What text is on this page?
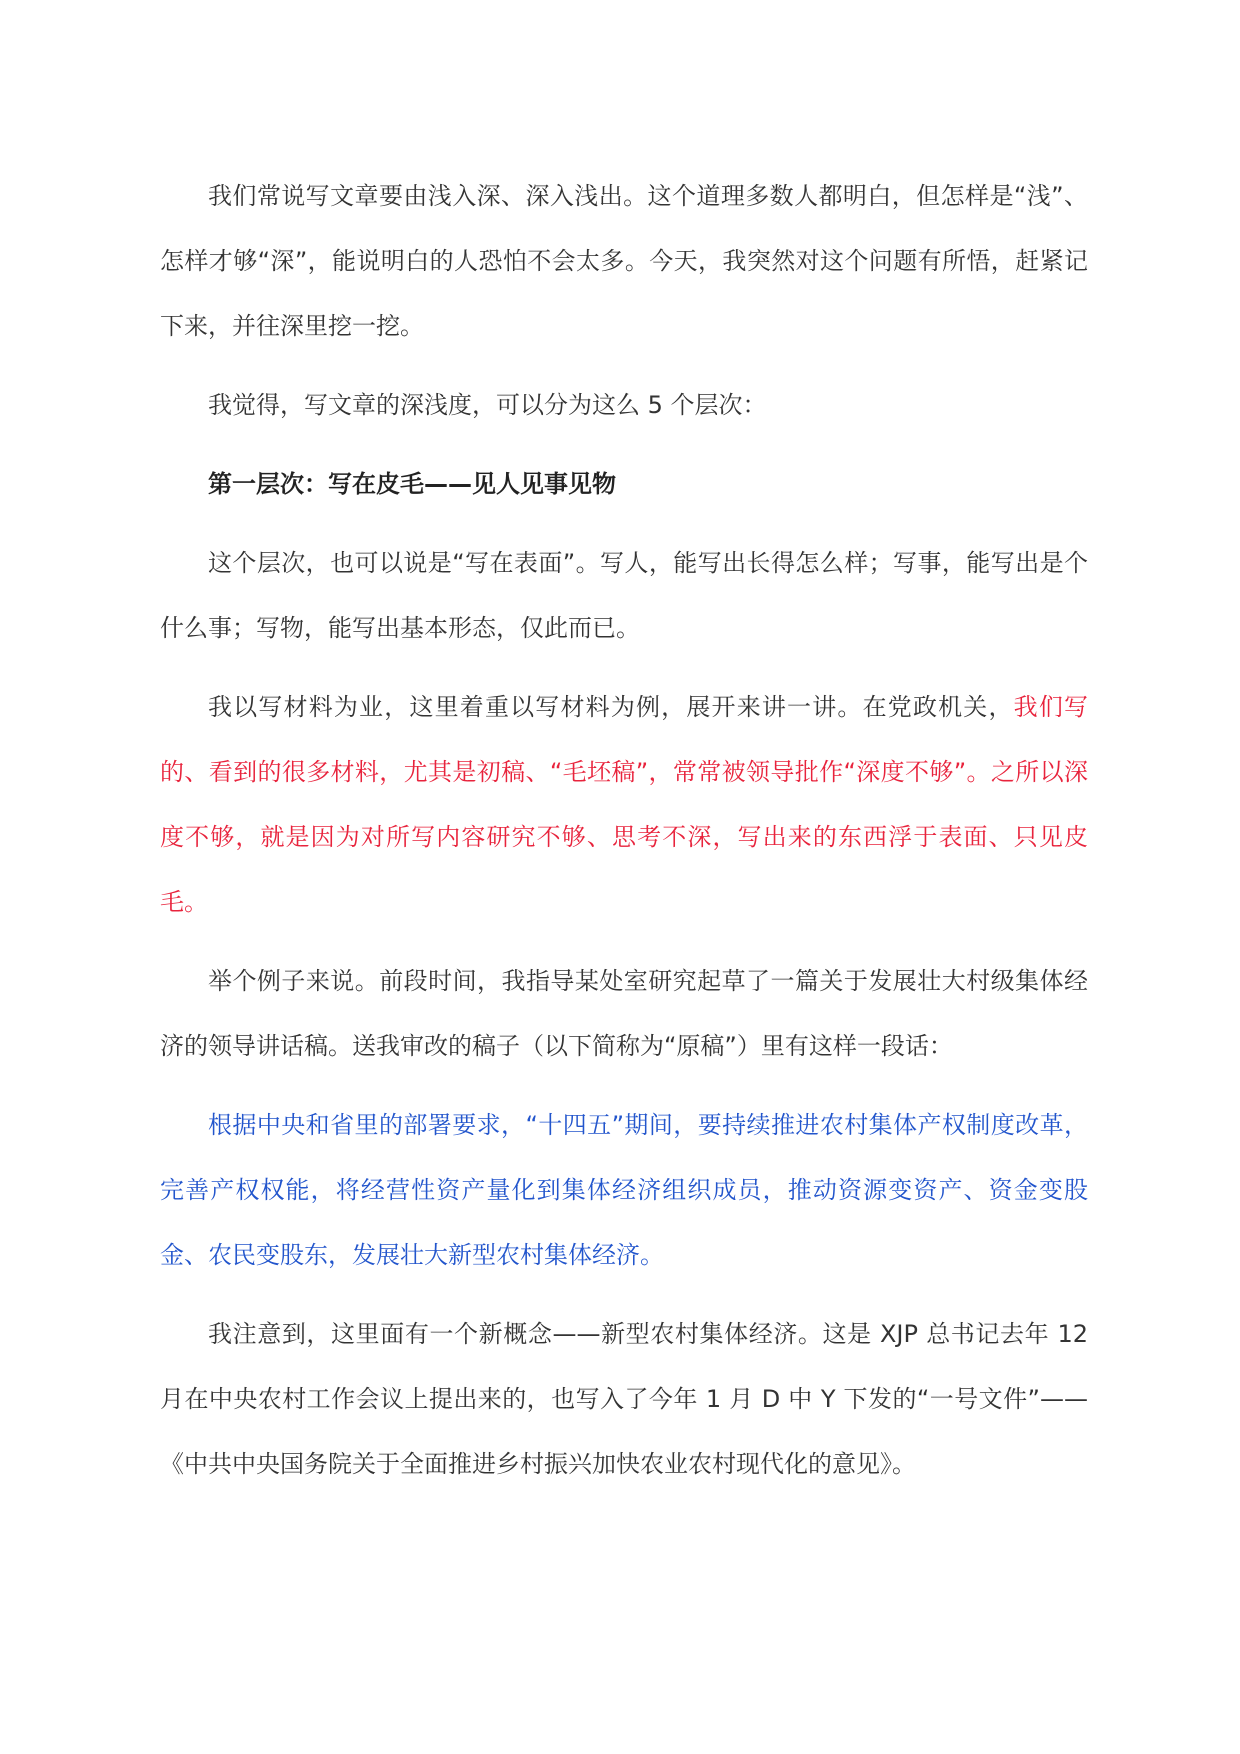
我们常说写文章要由浅入深、深入浅出。这个道理多数人都明白，但怎样是“浅”、怎样才够“深”，能说明白的人恐怕不会太多。今天，我突然对这个问题有所悟，赶紧记下来，并往深里挖一挖。

我觉得，写文章的深浅度，可以分为这么 5 个层次：

第一层次：写在皮毛——见人见事见物

这个层次，也可以说是“写在表面”。写人，能写出长得怎么样；写事，能写出是个什么事；写物，能写出基本形态，仅此而已。

我以写材料为业，这里着重以写材料为例，展开来讲一讲。在党政机关，我们写的、看到的很多材料，尤其是初稿、“毛坯稿”，常常被领导批作“深度不够”。之所以深度不够，就是因为对所写内容研究不够、思考不深，写出来的东西浮于表面、只见皮毛。

举个例子来说。前段时间，我指导某处室研究起草了一篇关于发展壮大村级集体经济的领导讲话稿。送我审改的稿子（以下简称为“原稿”）里有这样一段话：

根据中央和省里的部署要求，“十四五”期间，要持续推进农村集体产权制度改革，完善产权权能，将经营性资产量化到集体经济组织成员，推动资源变资产、资金变股金、农民变股东，发展壮大新型农村集体经济。

我注意到，这里面有一个新概念——新型农村集体经济。这是 XJP 总书记去年 12 月在中央农村工作会议上提出来的，也写入了今年 1 月 D 中 Y 下发的“一号文件”——《中共中央国务院关于全面推进乡村振兴加快农业农村现代化的意见》。
